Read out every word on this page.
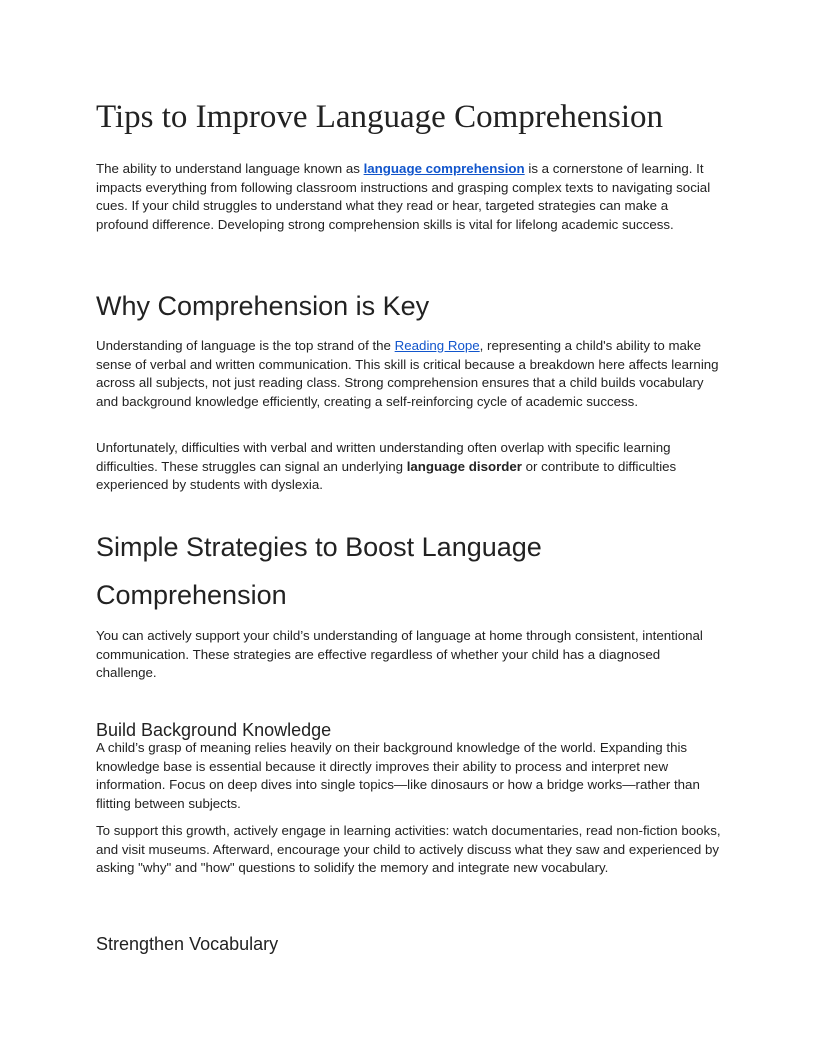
Tips to Improve Language Comprehension

The ability to understand language known as language comprehension is a cornerstone of learning. It impacts everything from following classroom instructions and grasping complex texts to navigating social cues. If your child struggles to understand what they read or hear, targeted strategies can make a profound difference. Developing strong comprehension skills is vital for lifelong academic success.

Why Comprehension is Key

Understanding of language is the top strand of the Reading Rope, representing a child's ability to make sense of verbal and written communication. This skill is critical because a breakdown here affects learning across all subjects, not just reading class. Strong comprehension ensures that a child builds vocabulary and background knowledge efficiently, creating a self-reinforcing cycle of academic success.

Unfortunately, difficulties with verbal and written understanding often overlap with specific learning difficulties. These struggles can signal an underlying language disorder or contribute to difficulties experienced by students with dyslexia.

Simple Strategies to Boost Language
Comprehension

You can actively support your child’s understanding of language at home through consistent, intentional communication. These strategies are effective regardless of whether your child has a diagnosed challenge.

Build Background Knowledge

A child’s grasp of meaning relies heavily on their background knowledge of the world. Expanding this knowledge base is essential because it directly improves their ability to process and interpret new information. Focus on deep dives into single topics—like dinosaurs or how a bridge works—rather than flitting between subjects.

To support this growth, actively engage in learning activities: watch documentaries, read non-fiction books, and visit museums. Afterward, encourage your child to actively discuss what they saw and experienced by asking "why" and "how" questions to solidify the memory and integrate new vocabulary.

Strengthen Vocabulary
